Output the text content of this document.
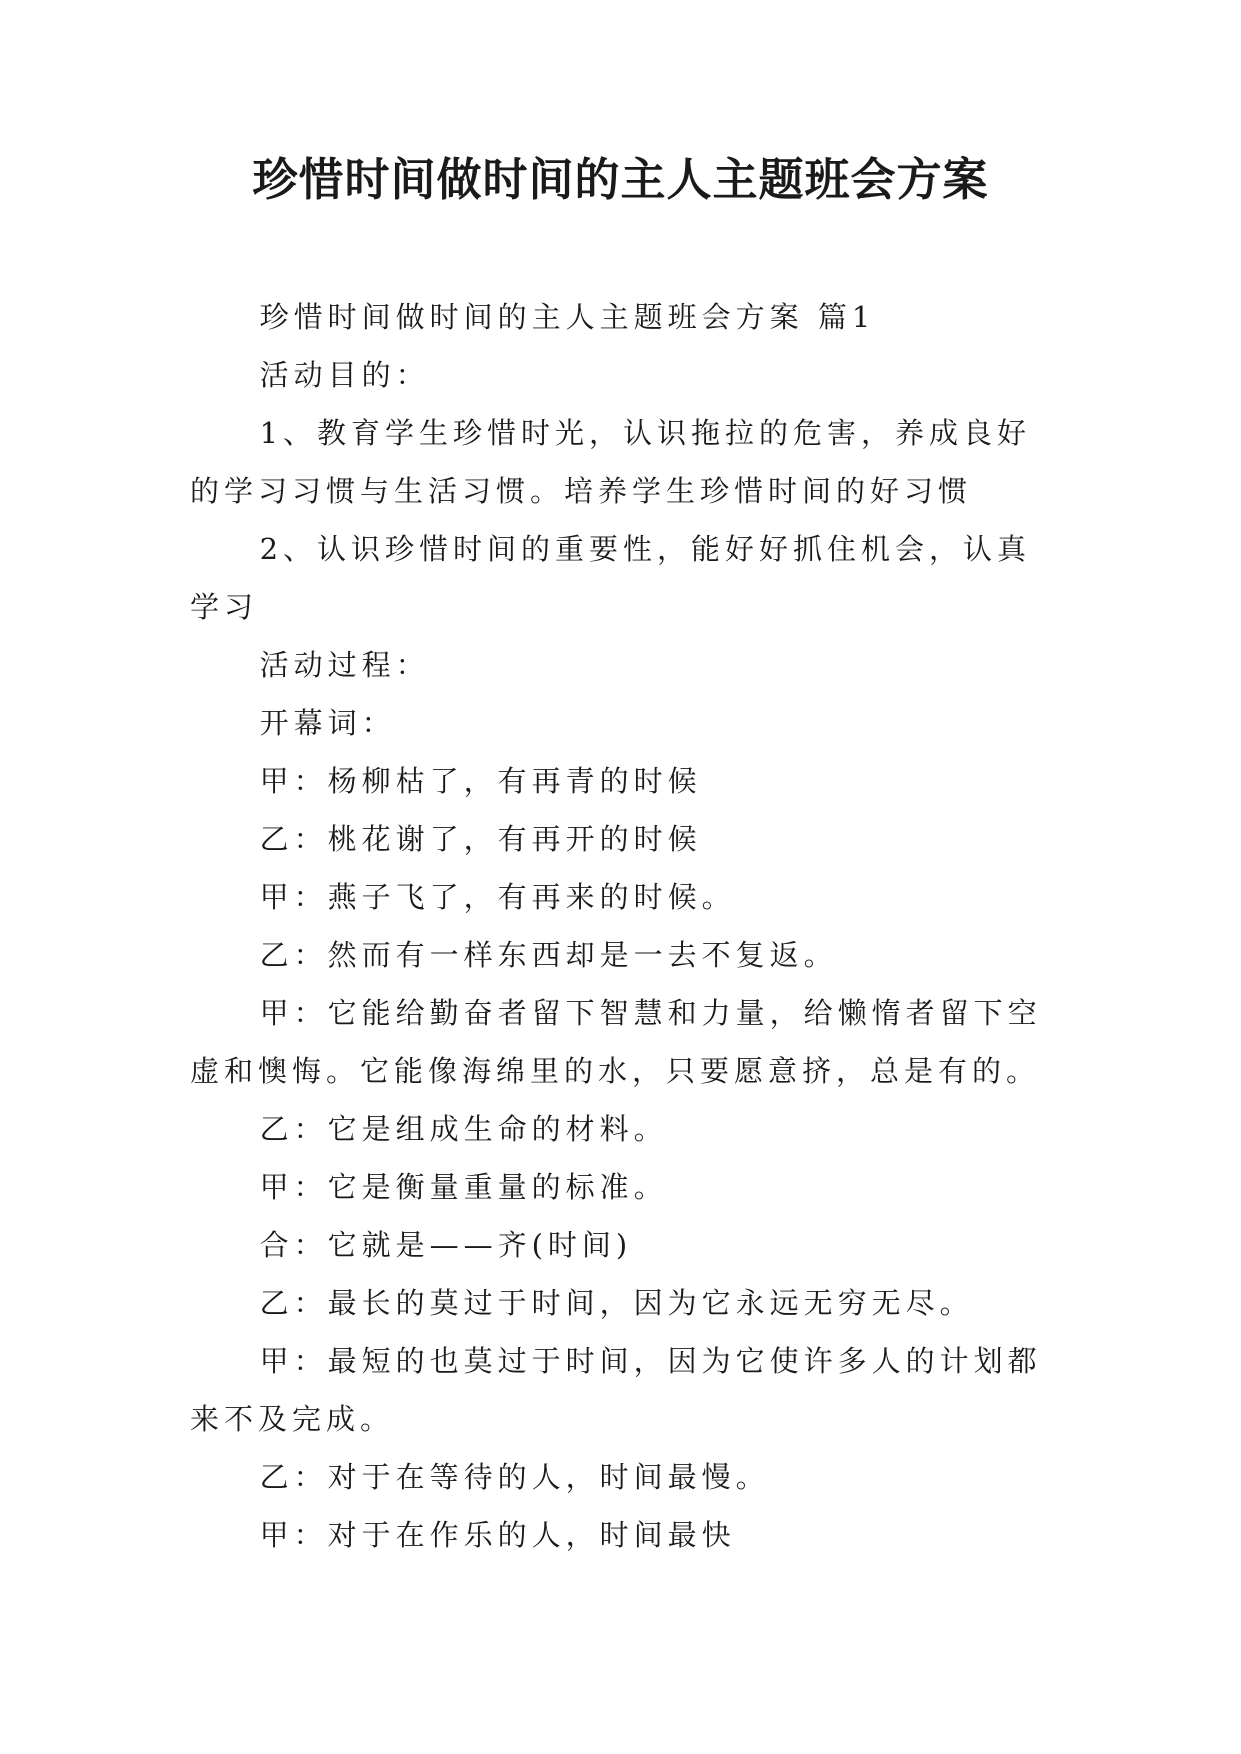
珍惜时间做时间的主人主题班会方案

珍惜时间做时间的主人主题班会方案 篇1

活动目的：

1、教育学生珍惜时光，认识拖拉的危害，养成良好的学习习惯与生活习惯。培养学生珍惜时间的好习惯

2、认识珍惜时间的重要性，能好好抓住机会，认真学习

活动过程：

开幕词：

甲：杨柳枯了，有再青的时候

乙：桃花谢了，有再开的时候

甲：燕子飞了，有再来的时候。

乙：然而有一样东西却是一去不复返。

甲：它能给勤奋者留下智慧和力量，给懒惰者留下空虚和懊悔。它能像海绵里的水，只要愿意挤，总是有的。

乙：它是组成生命的材料。

甲：它是衡量重量的标准。

合：它就是——齐(时间)

乙：最长的莫过于时间，因为它永远无穷无尽。

甲：最短的也莫过于时间，因为它使许多人的计划都来不及完成。

乙：对于在等待的人，时间最慢。

甲：对于在作乐的人，时间最快
